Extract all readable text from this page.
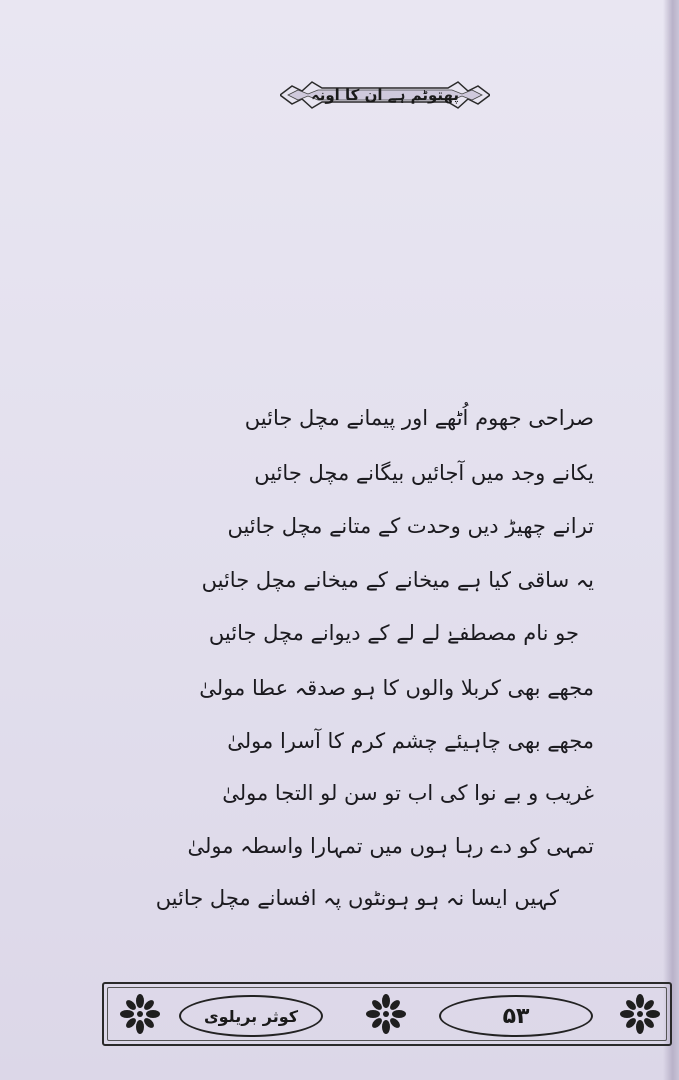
پھتوٹم ہے ان کا اونہ
صراحی جھوم اُٹھے اور پیمانے مچل جائیں
یکانے وجد میں آجائیں بیگانے مچل جائیں
ترانے چھیڑ دیں وحدت کے متانے مچل جائیں
یہ ساقی کیا ہے میخانے کے میخانے مچل جائیں
جو نام مصطفےٰ لے لے کے دیوانے مچل جائیں
مجھے بھی کربلا والوں کا ہو صدقہ عطا مولیٰ
مجھے بھی چاہیئے چشم کرم کا آسرا مولیٰ
غریب و بے نوا کی اب تو سن لو التجا مولیٰ
تمہی کو دے رہا ہوں میں تمہارا واسطہ مولیٰ
کہیں ایسا نہ ہو ہونٹوں پہ افسانے مچل جائیں
۵۳
کوثر بریلوی
